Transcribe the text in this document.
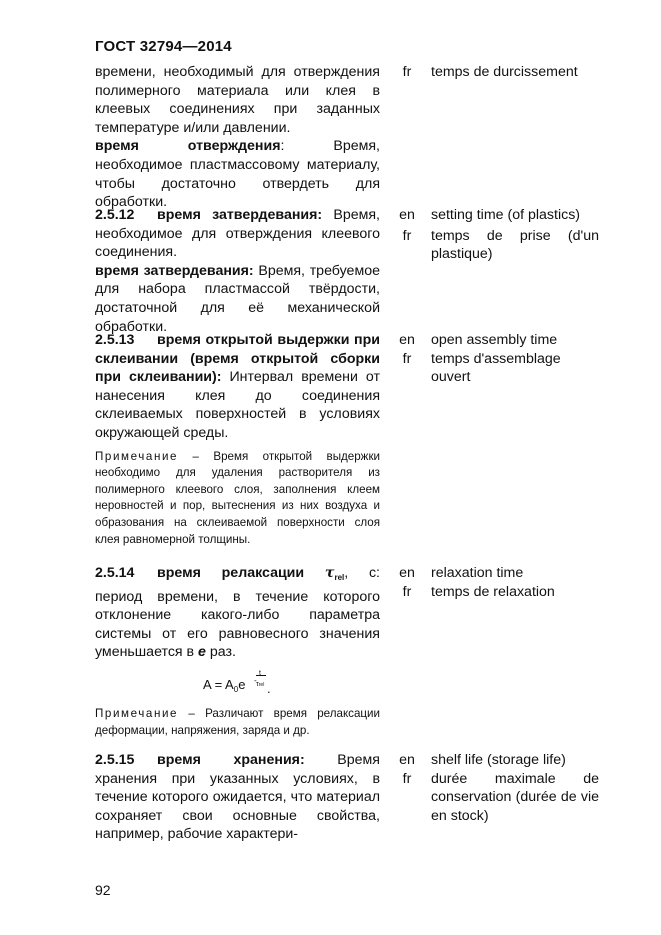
ГОСТ 32794—2014

времени, необходимый для отверждения полимерного материала или клея в клеевых соединениях при заданных температуре и/или давлении.

время отверждения: Время, необходимое пластмассовому материалу, чтобы достаточно отвердеть для обработки.

fr	temps de durcissement

2.5.12 время затвердевания: Время, необходимое для отверждения клеевого соединения.

время затвердевания: Время, требуемое для набора пластмассой твёрдости, достаточной для её механической обработки.

en

fr

setting time (of plastics)

temps de prise (d'un plastique)

2.5.13 время открытой выдержки при склеивании (время открытой сборки при склеивании): Интервал времени от нанесения клея до соединения склеиваемых поверхностей в условиях окружающей среды.

Примечание – Время открытой выдержки необходимо для удаления растворителя из полимерного клеевого слоя, заполнения клеем неровностей и пор, вытеснения из них воздуха и образования на склеиваемой поверхности слоя клея равномерной толщины.

en

fr

open assembly time

temps d'assemblage ouvert

2.5.14 время релаксации $\tau_{rel}$, с: период времени, в течение которого отклонение какого-либо параметра системы от его равновесного значения уменьшается в e раз.

$A = A_0e$ -
t
τrel .

Примечание – Различают время релаксации деформации, напряжения, заряда и др.

en

fr

relaxation time

temps de relaxation

2.5.15 время хранения: Время хранения при указанных условиях, в течение которого ожидается, что материал сохраняет свои основные свойства, например, рабочие характери-

en

fr

shelf life (storage life)

durée maximale de conservation (durée de vie en stock)

92
